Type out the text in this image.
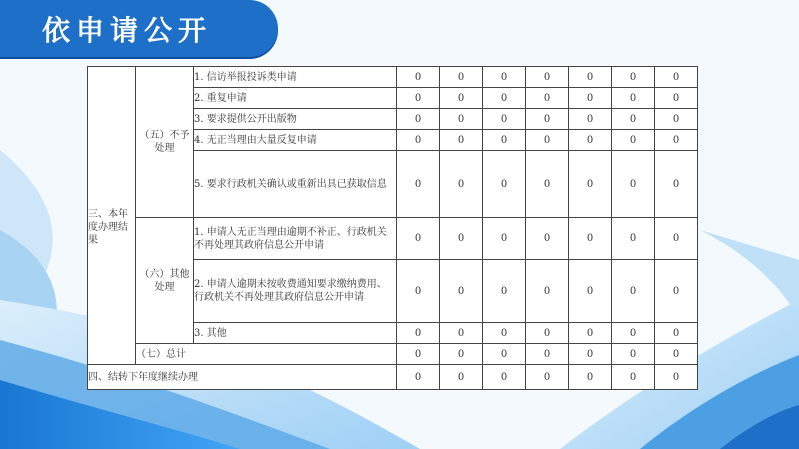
依申请公开
三、本年度办理结果	（五）不予处理	1. 信访举报投诉类申请	0	0	0	0	0	0	0
		2. 重复申请	0	0	0	0	0	0	0
		3. 要求提供公开出版物	0	0	0	0	0	0	0
		4. 无正当理由大量反复申请	0	0	0	0	0	0	0
		5. 要求行政机关确认或重新出具已获取信息	0	0	0	0	0	0	0
	（六）其他处理	1. 申请人无正当理由逾期不补正、行政机关不再处理其政府信息公开申请	0	0	0	0	0	0	0
		2. 申请人逾期未按收费通知要求缴纳费用、行政机关不再处理其政府信息公开申请	0	0	0	0	0	0	0
		3. 其他	0	0	0	0	0	0	0
	（七）总计		0	0	0	0	0	0	0

四、结转下年度继续办理			0	0	0	0	0	0	0
